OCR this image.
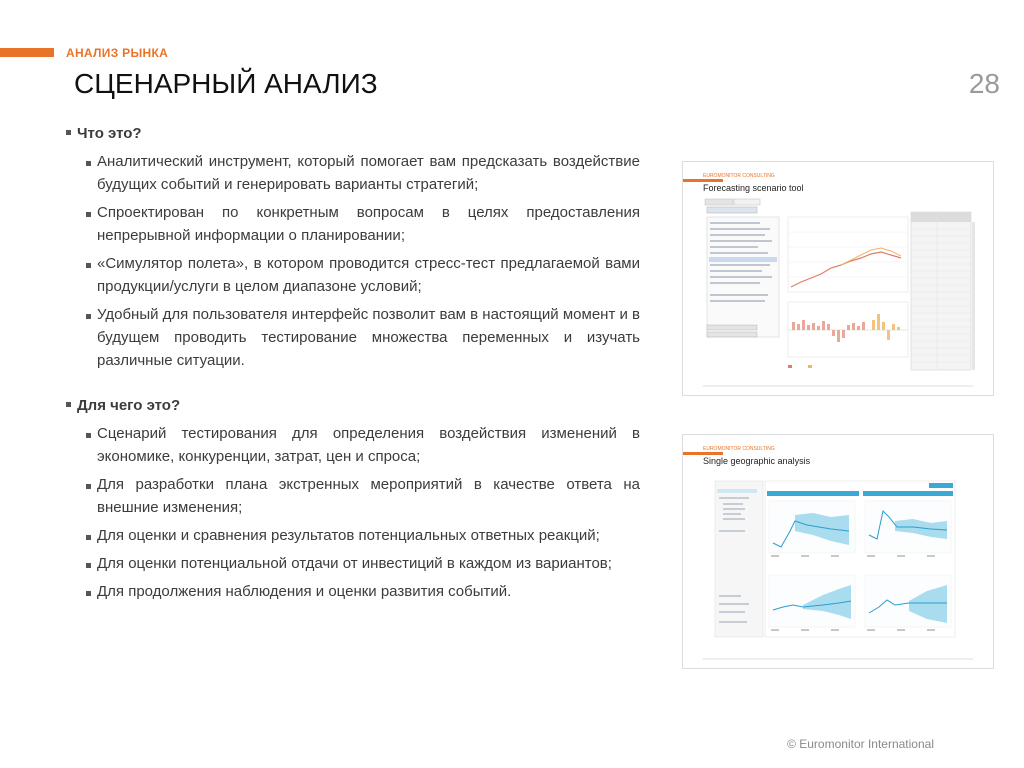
АНАЛИЗ РЫНКА
СЦЕНАРНЫЙ АНАЛИЗ	28
Что это?
Аналитический инструмент, который помогает вам предсказать воздействие будущих событий и генерировать варианты стратегий;
Спроектирован по конкретным вопросам в целях предоставления непрерывной информации о планировании;
«Симулятор полета», в котором проводится стресс-тест предлагаемой вами продукции/услуги в целом диапазоне условий;
Удобный для пользователя интерфейс позволит вам в настоящий момент и в будущем проводить тестирование множества переменных и изучать различные ситуации.
Для чего это?
Сценарий тестирования для определения воздействия изменений в экономике, конкуренции, затрат, цен и спроса;
Для разработки плана экстренных мероприятий в качестве ответа на внешние изменения;
Для оценки и сравнения результатов потенциальных ответных реакций;
Для оценки потенциальной отдачи от инвестиций в каждом из вариантов;
Для продолжения наблюдения и оценки развития событий.
EUROMONITOR CONSULTING
Forecasting scenario tool
EUROMONITOR CONSULTING
Single geographic analysis
© Euromonitor International
